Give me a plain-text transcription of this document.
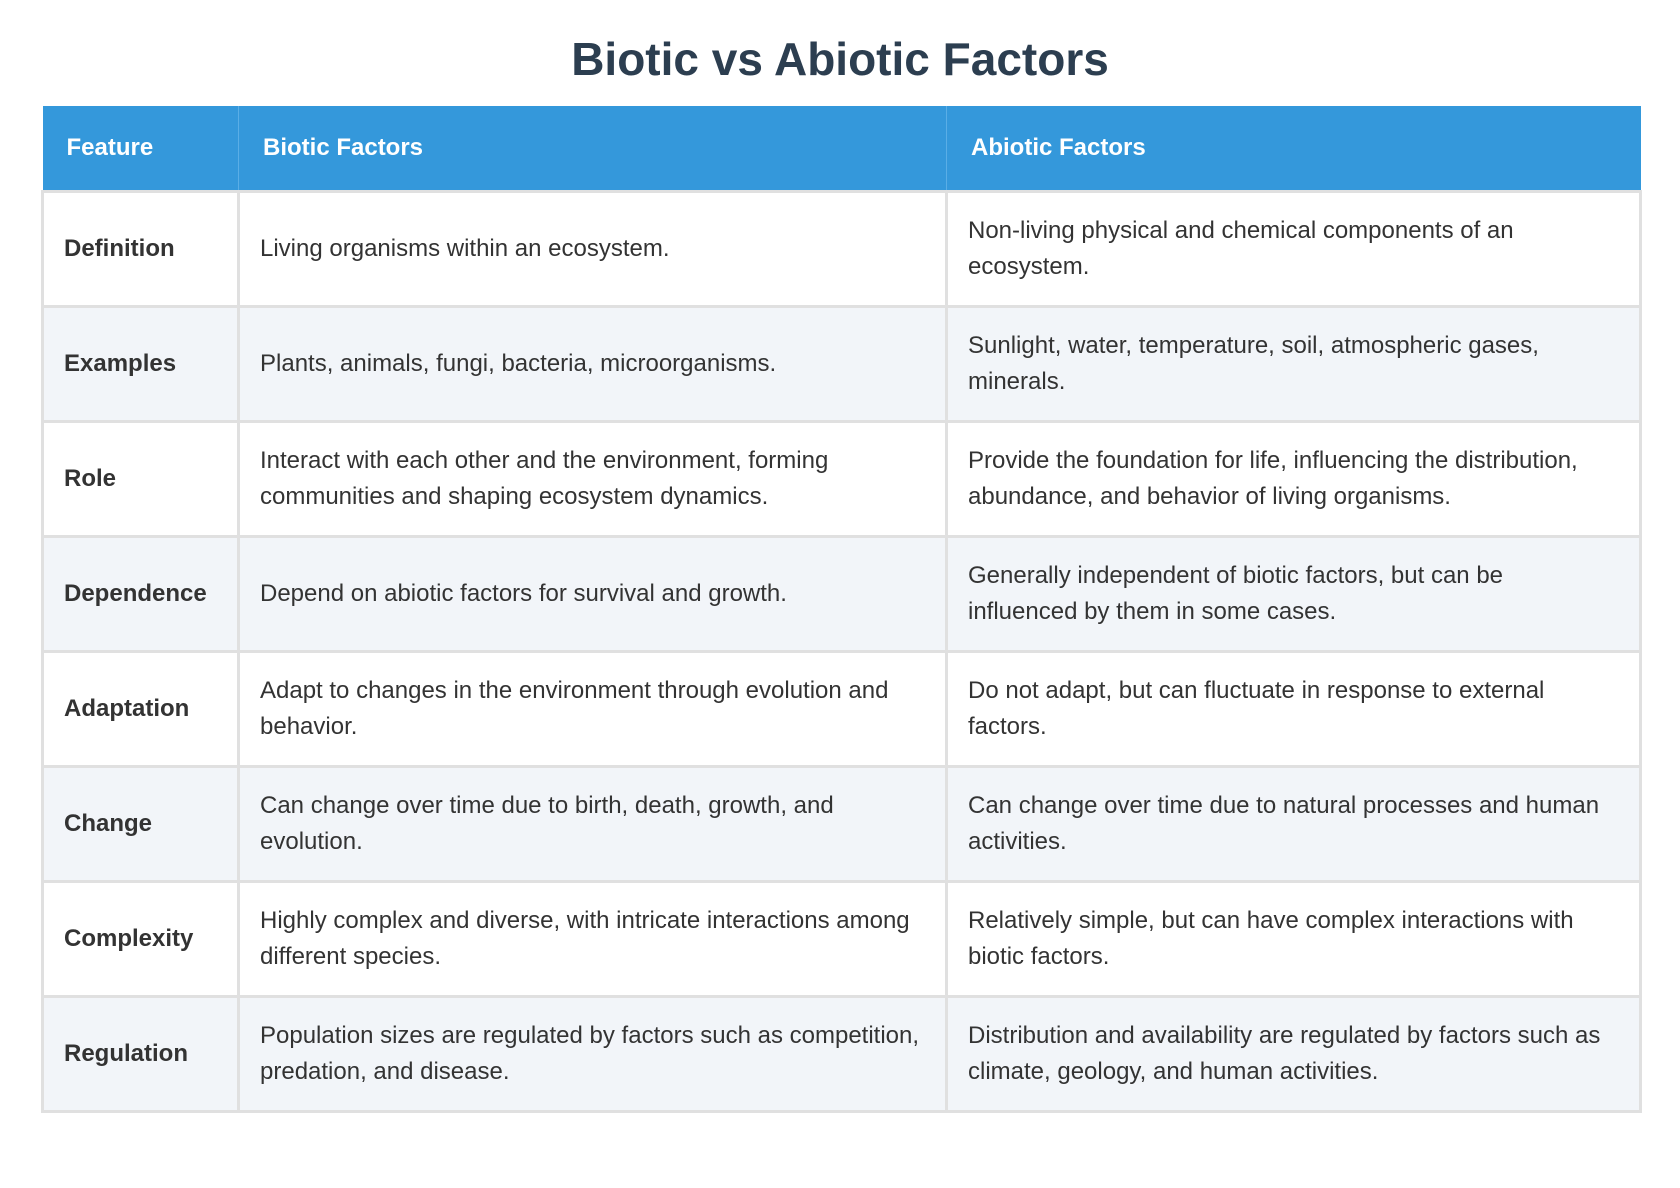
Biotic vs Abiotic Factors
Feature	Biotic Factors	Abiotic Factors
Definition	Living organisms within an ecosystem.	Non-living physical and chemical components of an ecosystem.
Examples	Plants, animals, fungi, bacteria, microorganisms.	Sunlight, water, temperature, soil, atmospheric gases, minerals.
Role	Interact with each other and the environment, forming communities and shaping ecosystem dynamics.	Provide the foundation for life, influencing the distribution, abundance, and behavior of living organisms.
Dependence	Depend on abiotic factors for survival and growth.	Generally independent of biotic factors, but can be influenced by them in some cases.
Adaptation	Adapt to changes in the environment through evolution and behavior.	Do not adapt, but can fluctuate in response to external factors.
Change	Can change over time due to birth, death, growth, and evolution.	Can change over time due to natural processes and human activities.
Complexity	Highly complex and diverse, with intricate interactions among different species.	Relatively simple, but can have complex interactions with biotic factors.
Regulation	Population sizes are regulated by factors such as competition, predation, and disease.	Distribution and availability are regulated by factors such as climate, geology, and human activities.
